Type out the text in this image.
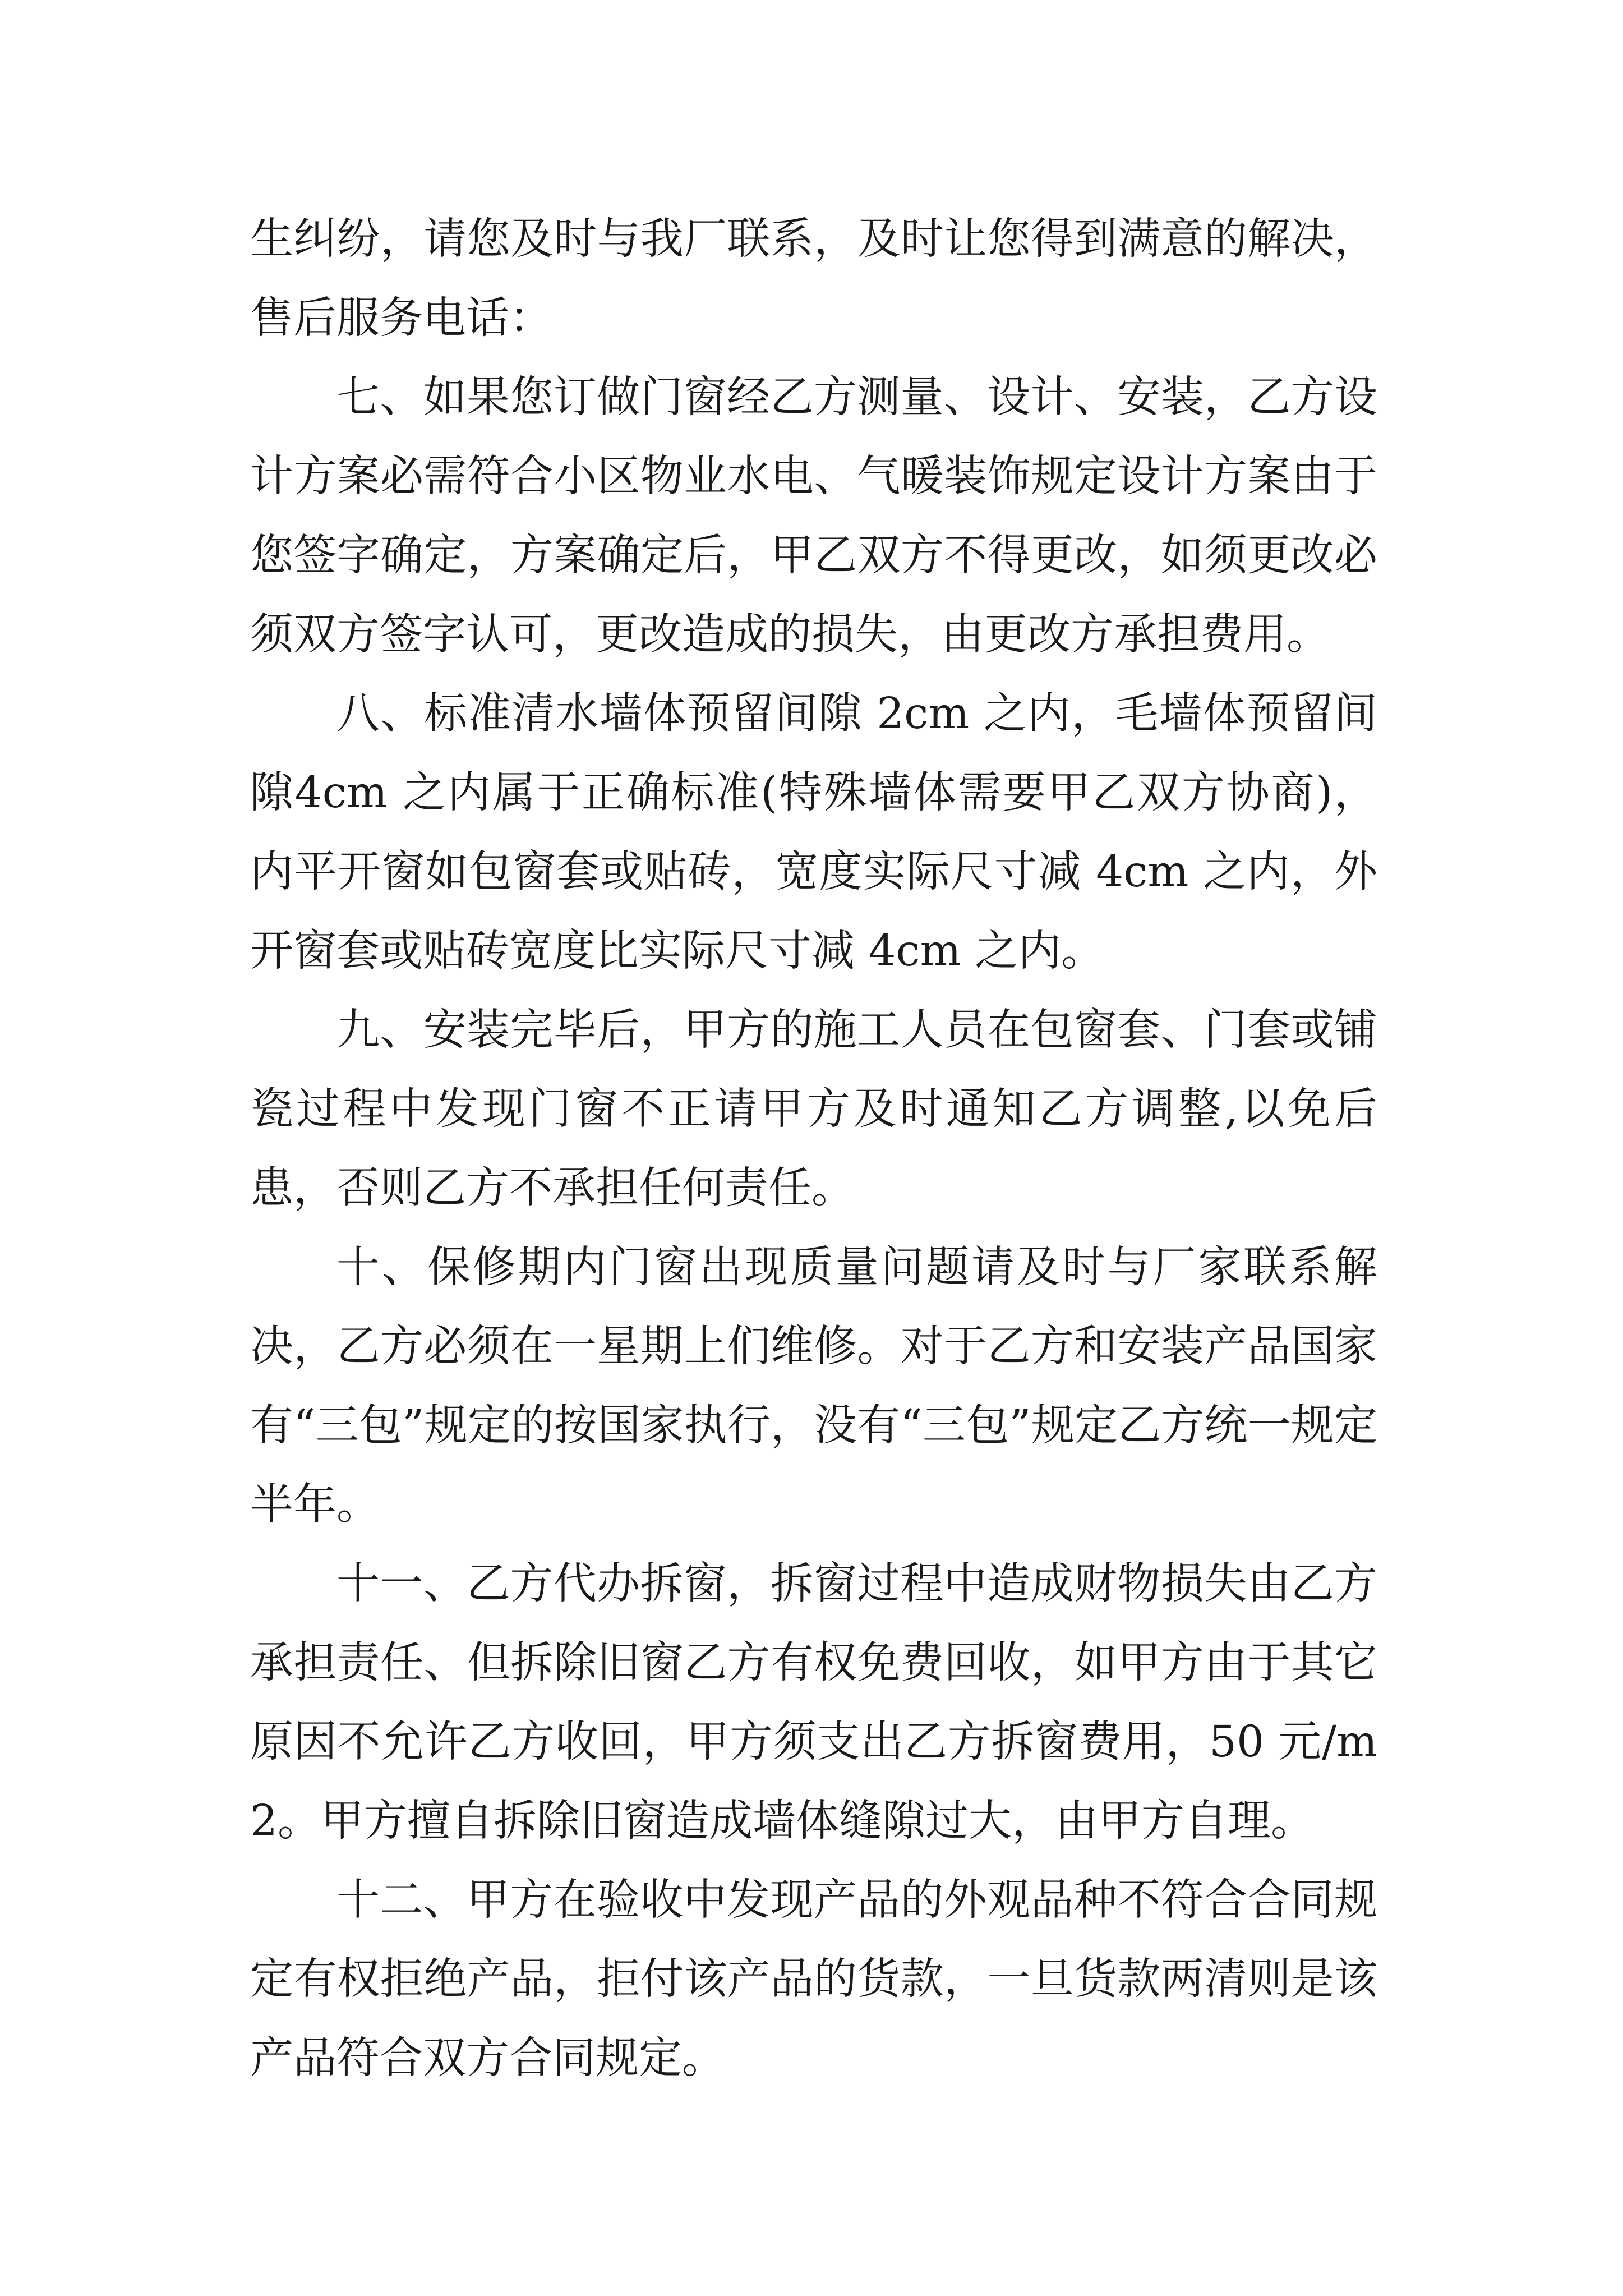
生纠纷，请您及时与我厂联系，及时让您得到满意的解决，售后服务电话：

七、如果您订做门窗经乙方测量、设计、安装，乙方设计方案必需符合小区物业水电、气暖装饰规定设计方案由于您签字确定，方案确定后，甲乙双方不得更改，如须更改必须双方签字认可，更改造成的损失，由更改方承担费用。

八、标准清水墙体预留间隙 2cm 之内，毛墙体预留间隙4cm 之内属于正确标准(特殊墙体需要甲乙双方协商)，内平开窗如包窗套或贴砖，宽度实际尺寸减 4cm 之内，外开窗套或贴砖宽度比实际尺寸减 4cm 之内。

九、安装完毕后，甲方的施工人员在包窗套、门套或铺瓷过程中发现门窗不正请甲方及时通知乙方调整,以免后患，否则乙方不承担任何责任。

十、保修期内门窗出现质量问题请及时与厂家联系解决，乙方必须在一星期上们维修。对于乙方和安装产品国家有“三包”规定的按国家执行，没有“三包”规定乙方统一规定半年。

十一、乙方代办拆窗，拆窗过程中造成财物损失由乙方承担责任、但拆除旧窗乙方有权免费回收，如甲方由于其它原因不允许乙方收回，甲方须支出乙方拆窗费用，50 元/m2。甲方擅自拆除旧窗造成墙体缝隙过大，由甲方自理。

十二、甲方在验收中发现产品的外观品种不符合合同规定有权拒绝产品，拒付该产品的货款，一旦货款两清则是该产品符合双方合同规定。
